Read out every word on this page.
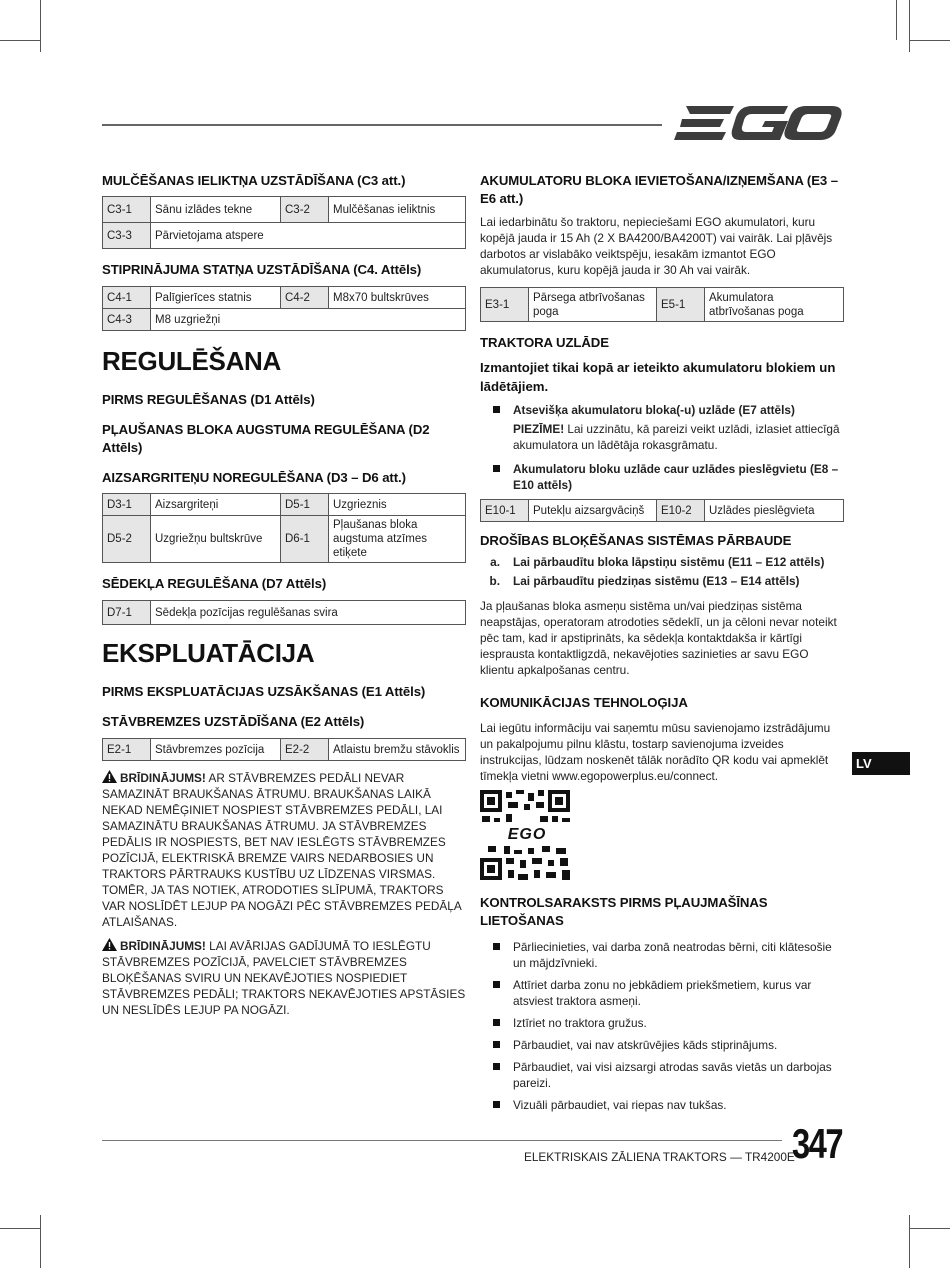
MULČĒŠANAS IELIKTŅA UZSTĀDĪŠANA (C3 att.)
C3-1	Sānu izlādes tekne	C3-2	Mulčēšanas ieliktnis
C3-3	Pārvietojama atspere		
STIPRINĀJUMA STATŅA UZSTĀDĪŠANA (C4. Attēls)
C4-1	Palīgierīces statnis	C4-2	M8x70 bultskrūves
C4-3	M8 uzgriežņi		
REGULĒŠANA
PIRMS REGULĒŠANAS (D1 Attēls)
PĻAUŠANAS BLOKA AUGSTUMA REGULĒŠANA (D2 Attēls)
AIZSARGRITEŅU NOREGULĒŠANA (D3 – D6 att.)
D3-1	Aizsargriteņi	D5-1	Uzgrieznis
D5-2	Uzgriežņu bultskrūve	D6-1	Pļaušanas bloka augstuma atzīmes etiķete
SĒDEKĻA REGULĒŠANA (D7 Attēls)
D7-1	Sēdekļa pozīcijas regulēšanas svira
EKSPLUATĀCIJA
PIRMS EKSPLUATĀCIJAS UZSĀKŠANAS (E1 Attēls)
STĀVBREMZES UZSTĀDĪŠANA (E2 Attēls)
E2-1	Stāvbremzes pozīcija	E2-2	Atlaistu bremžu stāvoklis
BRĪDINĀJUMS! AR STĀVBREMZES PEDĀLI NEVAR SAMAZINĀT BRAUKŠANAS ĀTRUMU. BRAUKŠANAS LAIKĀ NEKAD NEMĒĢINIET NOSPIEST STĀVBREMZES PEDĀLI, LAI SAMAZINĀTU BRAUKŠANAS ĀTRUMU. JA STĀVBREMZES PEDĀLIS IR NOSPIESTS, BET NAV IESLĒGTS STĀVBREMZES POZĪCIJĀ, ELEKTRISKĀ BREMZE VAIRS NEDARBOSIES UN TRAKTORS PĀRTRAUKS KUSTĪBU UZ LĪDZENAS VIRSMAS. TOMĒR, JA TAS NOTIEK, ATRODOTIES SLĪPUMĀ, TRAKTORS VAR NOSLĪDĒT LEJUP PA NOGĀZI PĒC STĀVBREMZES PEDĀĻA ATLAIŠANAS.
BRĪDINĀJUMS! LAI AVĀRIJAS GADĪJUMĀ TO IESLĒGTU STĀVBREMZES POZĪCIJĀ, PAVELCIET STĀVBREMZES BLOĶĒŠANAS SVIRU UN NEKAVĒJOTIES NOSPIEDIET STĀVBREMZES PEDĀLI; TRAKTORS NEKAVĒJOTIES APSTĀSIES UN NESLĪDĒS LEJUP PA NOGĀZI.
AKUMULATORU BLOKA IEVIETOŠANA/IZŅEMŠANA (E3 – E6 att.)

Lai iedarbinātu šo traktoru, nepieciešami EGO akumulatori, kuru kopējā jauda ir 15 Ah (2 X BA4200/BA4200T) vai vairāk. Lai pļāvējs darbotos ar vislabāko veiktspēju, iesakām izmantot EGO akumulatorus, kuru kopējā jauda ir 30 Ah vai vairāk.

E3-1	Pārsega atbrīvošanas poga	E5-1	Akumulatora atbrīvošanas poga
TRAKTORA UZLĀDE

Izmantojiet tikai kopā ar ieteikto akumulatoru blokiem un lādētājiem.

Atsevišķa akumulatoru bloka(-u) uzlāde (E7 attēls)
PIEZĪME! Lai uzzinātu, kā pareizi veikt uzlādi, izlasiet attiecīgā akumulatora un lādētāja rokasgrāmatu.
Akumulatoru bloku uzlāde caur uzlādes pieslēgvietu (E8 – E10 attēls)
E10-1	Putekļu aizsargvāciņš	E10-2	Uzlādes pieslēgvieta
DROŠĪBAS BLOĶĒŠANAS SISTĒMAS PĀRBAUDE
a. Lai pārbaudītu bloka lāpstiņu sistēmu (E11 – E12 attēls)
b. Lai pārbaudītu piedziņas sistēmu (E13 – E14 attēls)

Ja pļaušanas bloka asmeņu sistēma un/vai piedziņas sistēma neapstājas, operatoram atrodoties sēdeklī, un ja cēloni nevar noteikt pēc tam, kad ir apstiprināts, ka sēdekļa kontaktdakša ir kārtīgi iesprausta kontaktligzdā, nekavējoties sazinieties ar savu EGO klientu apkalpošanas centru.

KOMUNIKĀCIJAS TEHNOLOĢIJA

Lai iegūtu informāciju vai saņemtu mūsu savienojamo izstrādājumu un pakalpojumu pilnu klāstu, tostarp savienojuma izveides instrukcijas, lūdzam noskenēt tālāk norādīto QR kodu vai apmeklēt tīmekļa vietni www.egopowerplus.eu/connect.

EGO
KONTROLSARAKSTS PIRMS PĻAUJMAŠĪNAS LIETOŠANAS
Pārliecinieties, vai darba zonā neatrodas bērni, citi klātesošie un mājdzīvnieki.
Attīriet darba zonu no jebkādiem priekšmetiem, kurus var atsviest traktora asmeņi.
Iztīriet no traktora gružus.
Pārbaudiet, vai nav atskrūvējies kāds stiprinājums.
Pārbaudiet, vai visi aizsargi atrodas savās vietās un darbojas pareizi.
Vizuāli pārbaudiet, vai riepas nav tukšas.
LV
ELEKTRISKAIS ZĀLIENA TRAKTORS — TR4200E
347
